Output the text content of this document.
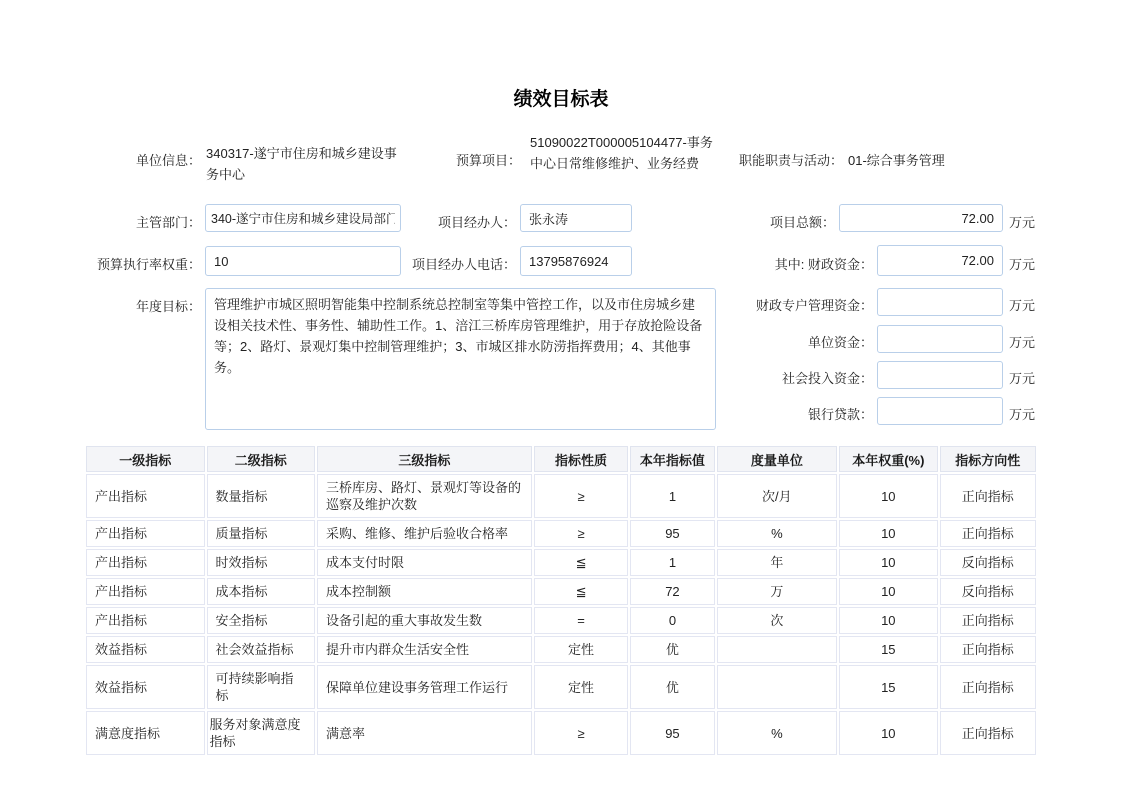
绩效目标表
单位信息： 340317-遂宁市住房和城乡建设事务中心
预算项目：
51090022T000005104477-事务中心日常维修维护、业务经费	职能职责与活动： 01-综合事务管理
主管部门：
340-遂宁市住房和城乡建设局部门	项目经办人：
张永涛	项目总额：
72.00	万元
预算执行率权重：
10	项目经办人电话：
13795876924	其中: 财政资金：
72.00	万元
年度目标：
管理维护市城区照明智能集中控制系统总控制室等集中管控工作，以及市住房城乡建设相关技术性、事务性、辅助性工作。1、涪江三桥库房管理维护，用于存放抢险设备等；2、路灯、景观灯集中控制管理维护；3、市城区排水防涝指挥费用；4、其他事务。	财政专户管理资金：	万元
单位资金：	万元
社会投入资金：	万元
银行贷款：	万元
一级指标	二级指标	三级指标	指标性质	本年指标值	度量单位	本年权重(%)	指标方向性
产出指标	数量指标	三桥库房、路灯、景观灯等设备的巡察及维护次数	≥	1	次/月	10	正向指标
产出指标	质量指标	采购、维修、维护后验收合格率	≥	95	%	10	正向指标
产出指标	时效指标	成本支付时限	≦	1	年	10	反向指标
产出指标	成本指标	成本控制额	≦	72	万	10	反向指标
产出指标	安全指标	设备引起的重大事故发生数	=	0	次	10	正向指标
效益指标	社会效益指标	提升市内群众生活安全性	定性	优		15	正向指标
效益指标	可持续影响指标	保障单位建设事务管理工作运行	定性	优		15	正向指标
满意度指标	服务对象满意度指标	满意率	≥	95	%	10	正向指标
